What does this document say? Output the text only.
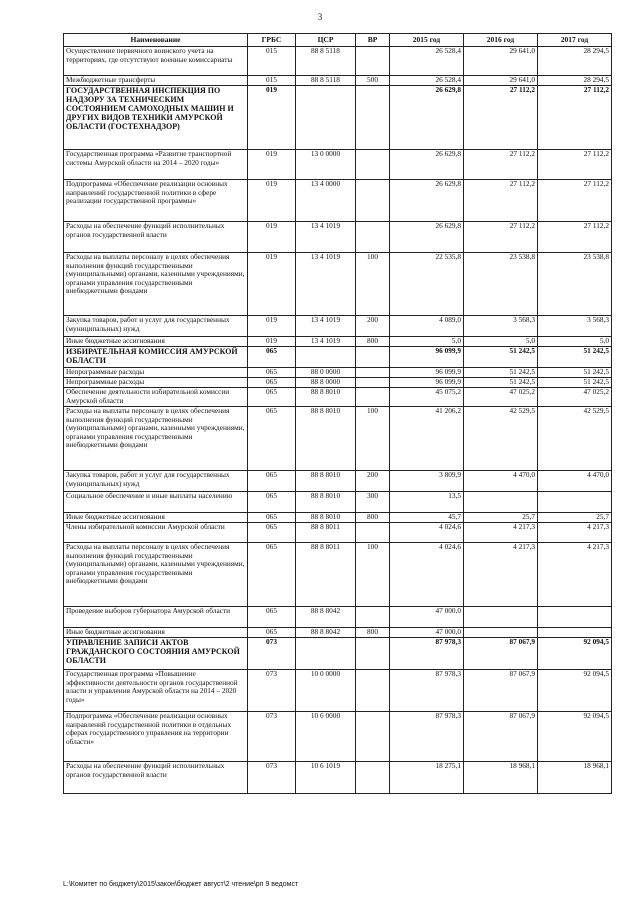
3
Наименование	ГРБС	ЦСР	ВР	2015 год	2016 год	2017 год
Осуществление первичного воинского учета на территориях, где отсутствуют военные комиссариаты	015	88 8 5118		26 528,4	29 641,0	28 294,5
Межбюджетные трансферты	015	88 8 5118	500	26 528,4	29 641,0	28 294,5
ГОСУДАРСТВЕННАЯ ИНСПЕКЦИЯ ПО НАДЗОРУ ЗА ТЕХНИЧЕСКИМ СОСТОЯНИЕМ САМОХОДНЫХ МАШИН И ДРУГИХ ВИДОВ ТЕХНИКИ АМУРСКОЙ ОБЛАСТИ (ГОСТЕХНАДЗОР)	019			26 629,8	27 112,2	27 112,2
Государственная программа «Развитие транспортной системы Амурской области на 2014 – 2020 годы»	019	13 0 0000		26 629,8	27 112,2	27 112,2
Подпрограмма «Обеспечение реализации основных направлений государственной политики в сфере реализации государственной программы»	019	13 4 0000		26 629,8	27 112,2	27 112,2
Расходы на обеспечение функций исполнительных органов государственной власти	019	13 4 1019		26 629,8	27 112,2	27 112,2
Расходы на выплаты персоналу в целях обеспечения выполнения функций государственными (муниципальными) органами, казенными учреждениями, органами управления государственными внебюджетными фондами	019	13 4 1019	100	22 535,8	23 538,8	23 538,8
Закупка товаров, работ и услуг для государственных (муниципальных) нужд	019	13 4 1019	200	4 089,0	3 568,3	3 568,3
Иные бюджетные ассигнования	019	13 4 1019	800	5,0	5,0	5,0
ИЗБИРАТЕЛЬНАЯ КОМИССИЯ АМУРСКОЙ ОБЛАСТИ	065			96 099,9	51 242,5	51 242,5
Непрограммные расходы	065	88 0 0000		96 099,9	51 242,5	51 242,5
Непрограммные расходы	065	88 8 0000		96 099,9	51 242,5	51 242,5
Обеспечение деятельности избирательной комиссии Амурской области	065	88 8 8010		45 075,2	47 025,2	47 025,2
Расходы на выплаты персоналу в целях обеспечения выполнения функций государственными (муниципальными) органами, казенными учреждениями, органами управления государственными внебюджетными фондами	065	88 8 8010	100	41 206,2	42 529,5	42 529,5
Закупка товаров, работ и услуг для государственных (муниципальных) нужд	065	88 8 8010	200	3 809,9	4 470,0	4 470,0
Социальное обеспечение и иные выплаты населению	065	88 8 8010	300	13,5		
Иные бюджетные ассигнования	065	88 8 8010	800	45,7	25,7	25,7
Члены избирательной комиссии Амурской области	065	88 8 8011		4 024,6	4 217,3	4 217,3
Расходы на выплаты персоналу в целях обеспечения выполнения функций государственными (муниципальными) органами, казенными учреждениями, органами управления государственными внебюджетными фондами	065	88 8 8011	100	4 024,6	4 217,3	4 217,3
Проведение выборов губернатора Амурской области	065	88 8 8042		47 000,0		
Иные бюджетные ассигнования	065	88 8 8042	800	47 000,0		
УПРАВЛЕНИЕ ЗАПИСИ АКТОВ ГРАЖДАНСКОГО СОСТОЯНИЯ АМУРСКОЙ ОБЛАСТИ	073			87 978,3	87 067,9	92 094,5
Государственная программа «Повышение эффективности деятельности органов государственной власти и управления Амурской области на 2014 – 2020 годы»	073	10 0 0000		87 978,3	87 067,9	92 094,5
Подпрограмма «Обеспечение реализации основных направлений государственной политики в отдельных сферах государственного управления на территории области»	073	10 6 0000		87 978,3	87 067,9	92 094,5
Расходы на обеспечение функций исполнительных органов государственной власти	073	10 6 1019		18 275,1	18 968,1	18 968,1
L:\Комитет по бюджету\2015\закон\бюджет август\2 чтение\рп 9 ведомст
